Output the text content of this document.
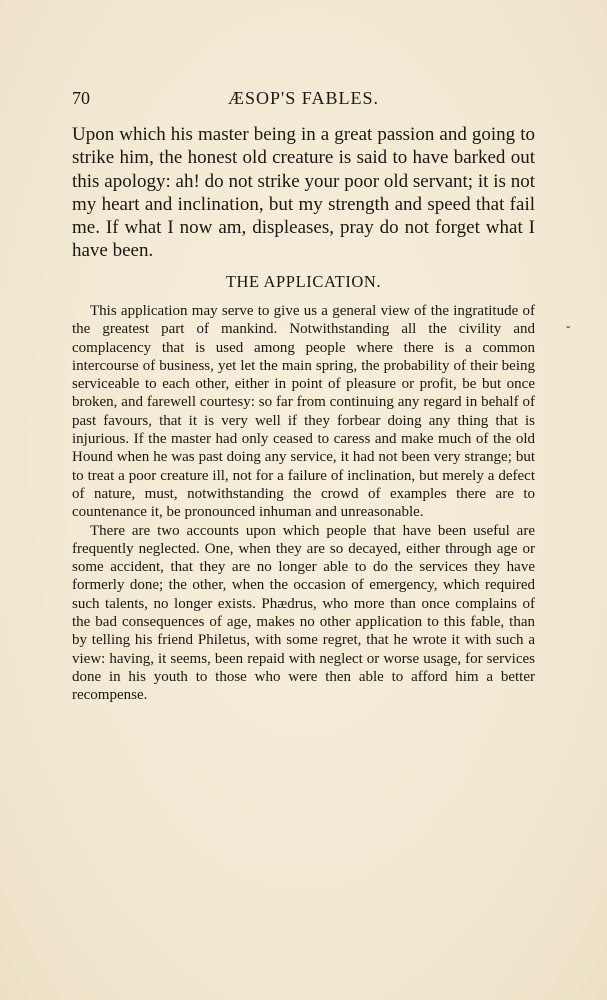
70	ÆSOP'S FABLES.

Upon which his master being in a great passion and going to strike him, the honest old creature is said to have barked out this apology: ah! do not strike your poor old servant; it is not my heart and inclination, but my strength and speed that fail me. If what I now am, displeases, pray do not forget what I have been.

THE APPLICATION.

This application may serve to give us a general view of the ingratitude of the greatest part of mankind. Notwithstanding all the civility and complacency that is used among people where there is a common intercourse of business, yet let the main spring, the probability of their being serviceable to each other, either in point of pleasure or profit, be but once broken, and farewell courtesy: so far from continuing any regard in behalf of past favours, that it is very well if they forbear doing any thing that is injurious. If the master had only ceased to caress and make much of the old Hound when he was past doing any service, it had not been very strange; but to treat a poor creature ill, not for a failure of inclination, but merely a defect of nature, must, notwithstanding the crowd of examples there are to countenance it, be pronounced inhuman and unreasonable.

There are two accounts upon which people that have been useful are frequently neglected. One, when they are so decayed, either through age or some accident, that they are no longer able to do the services they have formerly done; the other, when the occasion of emergency, which required such talents, no longer exists. Phædrus, who more than once complains of the bad consequences of age, makes no other application to this fable, than by telling his friend Philetus, with some regret, that he wrote it with such a view: having, it seems, been repaid with neglect or worse usage, for services done in his youth to those who were then able to afford him a better recompense.

ˇ
